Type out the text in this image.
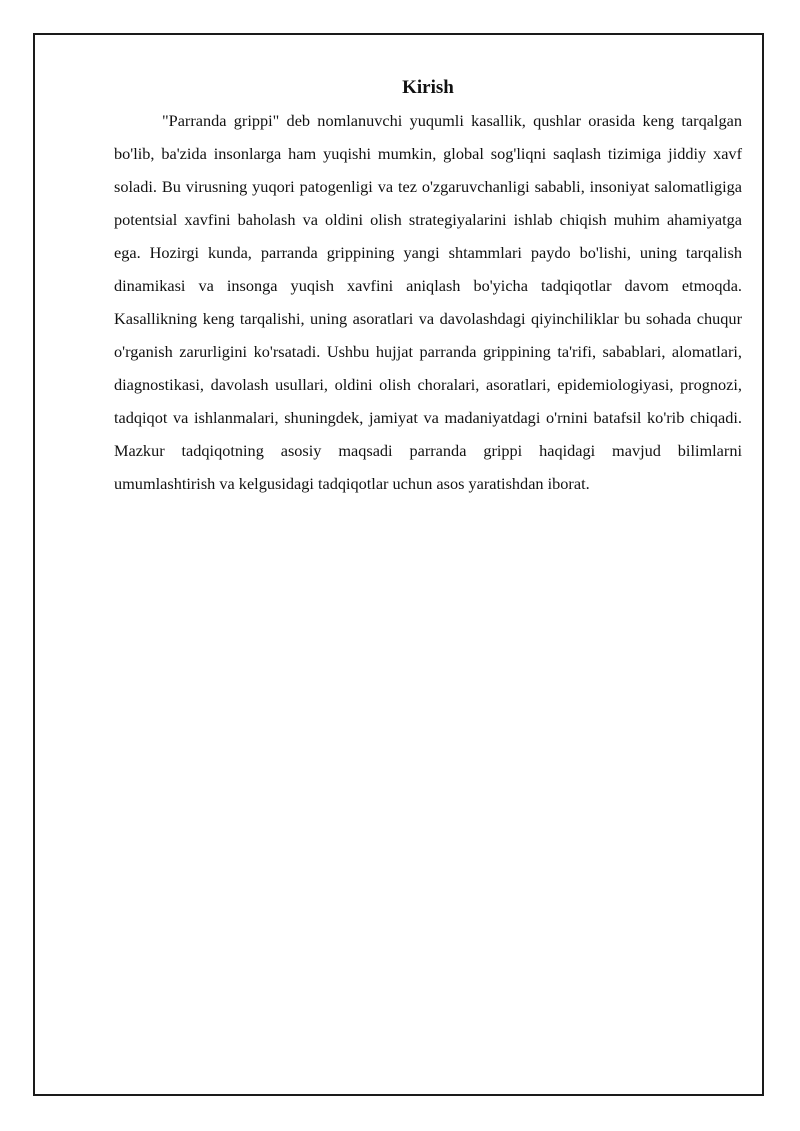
Kirish

"Parranda grippi" deb nomlanuvchi yuqumli kasallik, qushlar orasida keng tarqalgan bo'lib, ba'zida insonlarga ham yuqishi mumkin, global sog'liqni saqlash tizimiga jiddiy xavf soladi. Bu virusning yuqori patogenligi va tez o'zgaruvchanligi sababli, insoniyat salomatligiga potentsial xavfini baholash va oldini olish strategiyalarini ishlab chiqish muhim ahamiyatga ega. Hozirgi kunda, parranda grippining yangi shtammlari paydo bo'lishi, uning tarqalish dinamikasi va insonga yuqish xavfini aniqlash bo'yicha tadqiqotlar davom etmoqda. Kasallikning keng tarqalishi, uning asoratlari va davolashdagi qiyinchiliklar bu sohada chuqur o'rganish zarurligini ko'rsatadi. Ushbu hujjat parranda grippining ta'rifi, sabablari, alomatlari, diagnostikasi, davolash usullari, oldini olish choralari, asoratlari, epidemiologiyasi, prognozi, tadqiqot va ishlanmalari, shuningdek, jamiyat va madaniyatdagi o'rnini batafsil ko'rib chiqadi. Mazkur tadqiqotning asosiy maqsadi parranda grippi haqidagi mavjud bilimlarni umumlashtirish va kelgusidagi tadqiqotlar uchun asos yaratishdan iborat.
